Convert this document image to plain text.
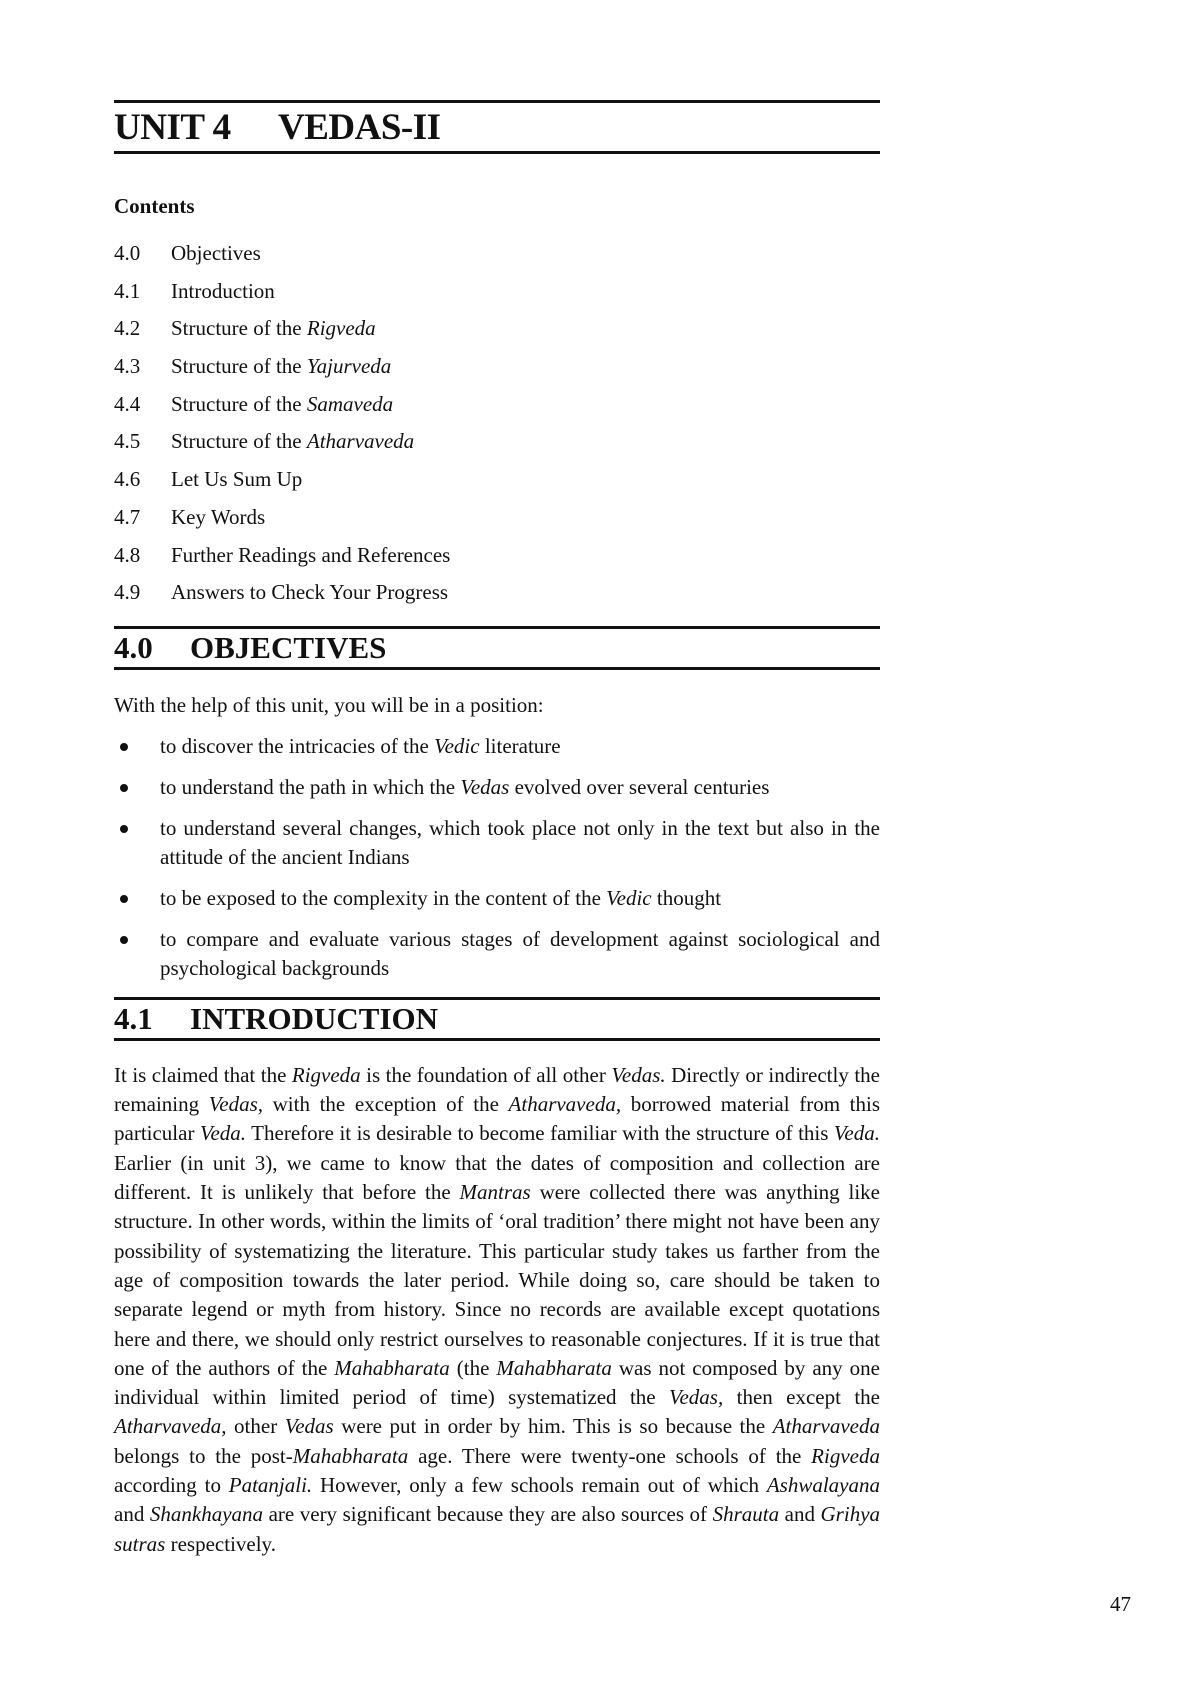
UNIT 4	VEDAS-II
Contents
4.0	Objectives
4.1	Introduction
4.2	Structure of the Rigveda
4.3	Structure of the Yajurveda
4.4	Structure of the Samaveda
4.5	Structure of the Atharvaveda
4.6	Let Us Sum Up
4.7	Key Words
4.8	Further Readings and References
4.9	Answers to Check Your Progress
4.0	OBJECTIVES
With the help of this unit, you will be in a position:
to discover the intricacies of the Vedic literature
to understand the path in which the Vedas evolved over several centuries
to understand several changes, which took place not only in the text but also in the attitude of the ancient Indians
to be exposed to the complexity in the content of the Vedic thought
to compare and evaluate various stages of development against sociological and psychological backgrounds
4.1	INTRODUCTION
It is claimed that the Rigveda is the foundation of all other Vedas. Directly or indirectly the remaining Vedas, with the exception of the Atharvaveda, borrowed material from this particular Veda. Therefore it is desirable to become familiar with the structure of this Veda. Earlier (in unit 3), we came to know that the dates of composition and collection are different. It is unlikely that before the Mantras were collected there was anything like structure. In other words, within the limits of ‘oral tradition’ there might not have been any possibility of systematizing the literature. This particular study takes us farther from the age of composition towards the later period. While doing so, care should be taken to separate legend or myth from history. Since no records are available except quotations here and there, we should only restrict ourselves to reasonable conjectures. If it is true that one of the authors of the Mahabharata (the Mahabharata was not composed by any one individual within limited period of time) systematized the Vedas, then except the Atharvaveda, other Vedas were put in order by him. This is so because the Atharvaveda belongs to the post-Mahabharata age. There were twenty-one schools of the Rigveda according to Patanjali. However, only a few schools remain out of which Ashwalayana and Shankhayana are very significant because they are also sources of Shrauta and Grihya sutras respectively.
47
